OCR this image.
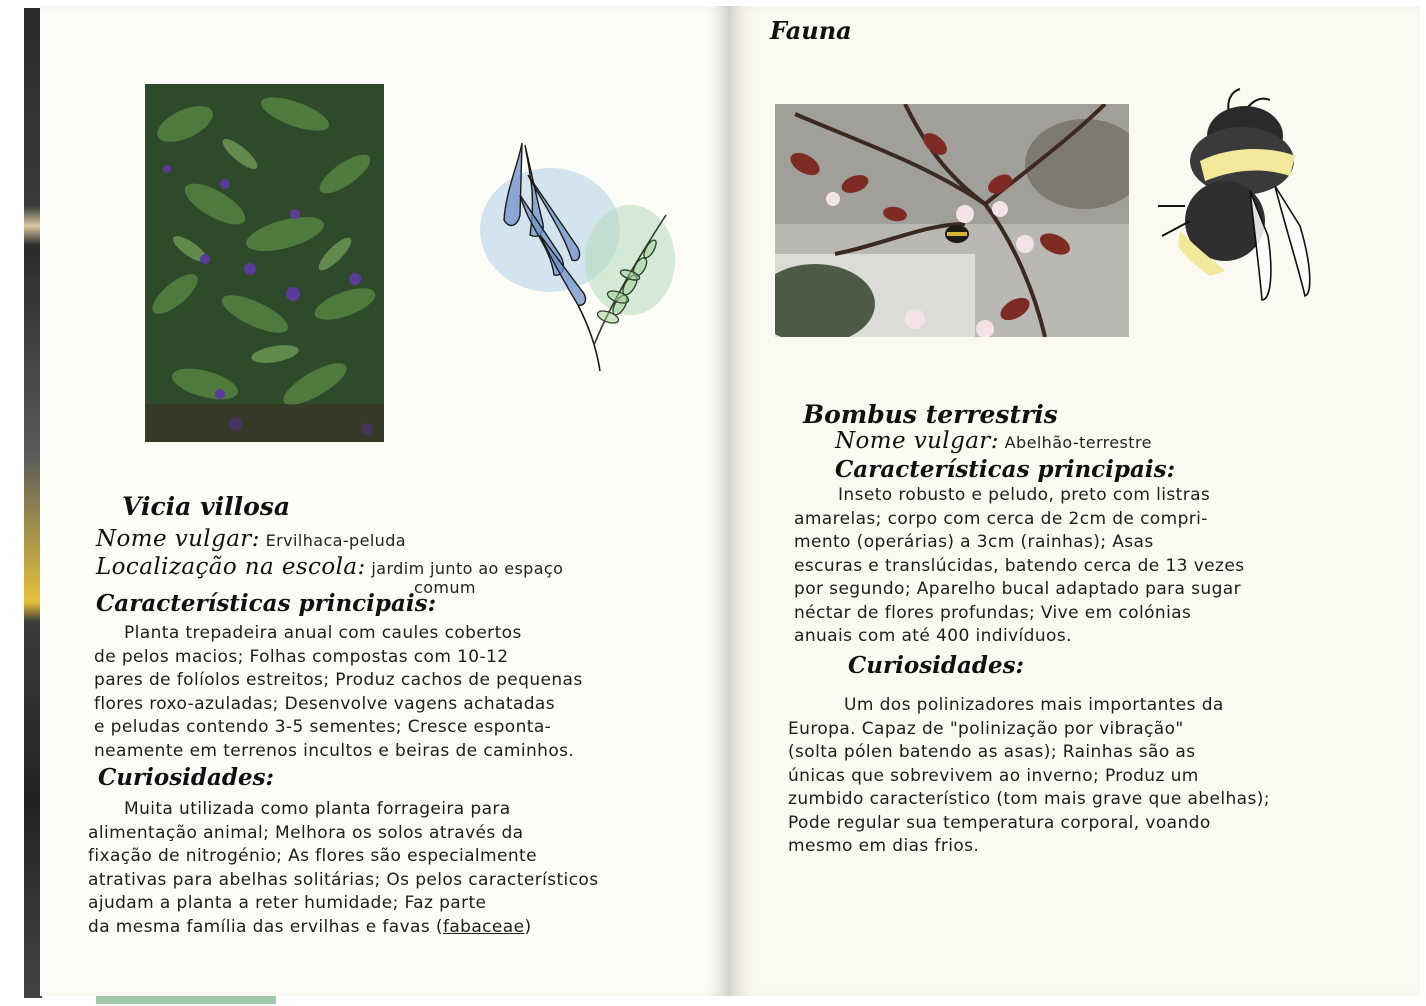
Vicia villosa
Nome vulgar: Ervilhaca-peluda
Localização na escola: jardim junto ao espaço
comum
Características principais:
Planta trepadeira anual com caules cobertos
de pelos macios; Folhas compostas com 10-12
pares de folíolos estreitos; Produz cachos de pequenas
flores roxo-azuladas; Desenvolve vagens achatadas
e peludas contendo 3-5 sementes; Cresce esponta-
neamente em terrenos incultos e beiras de caminhos.
Curiosidades:
Muita utilizada como planta forrageira para
alimentação animal; Melhora os solos através da
fixação de nitrogénio; As flores são especialmente
atrativas para abelhas solitárias; Os pelos característicos
ajudam a planta a reter humidade; Faz parte
da mesma família das ervilhas e favas (fabaceae)
Fauna
Bombus terrestris
Nome vulgar: Abelhão-terrestre
Características principais:
Inseto robusto e peludo, preto com listras
amarelas; corpo com cerca de 2cm de compri-
mento (operárias) a 3cm (rainhas); Asas
escuras e translúcidas, batendo cerca de 13 vezes
por segundo; Aparelho bucal adaptado para sugar
néctar de flores profundas; Vive em colónias
anuais com até 400 indivíduos.
Curiosidades:
Um dos polinizadores mais importantes da
Europa. Capaz de "polinização por vibração"
(solta pólen batendo as asas); Rainhas são as
únicas que sobrevivem ao inverno; Produz um
zumbido característico (tom mais grave que abelhas);
Pode regular sua temperatura corporal, voando
mesmo em dias frios.
